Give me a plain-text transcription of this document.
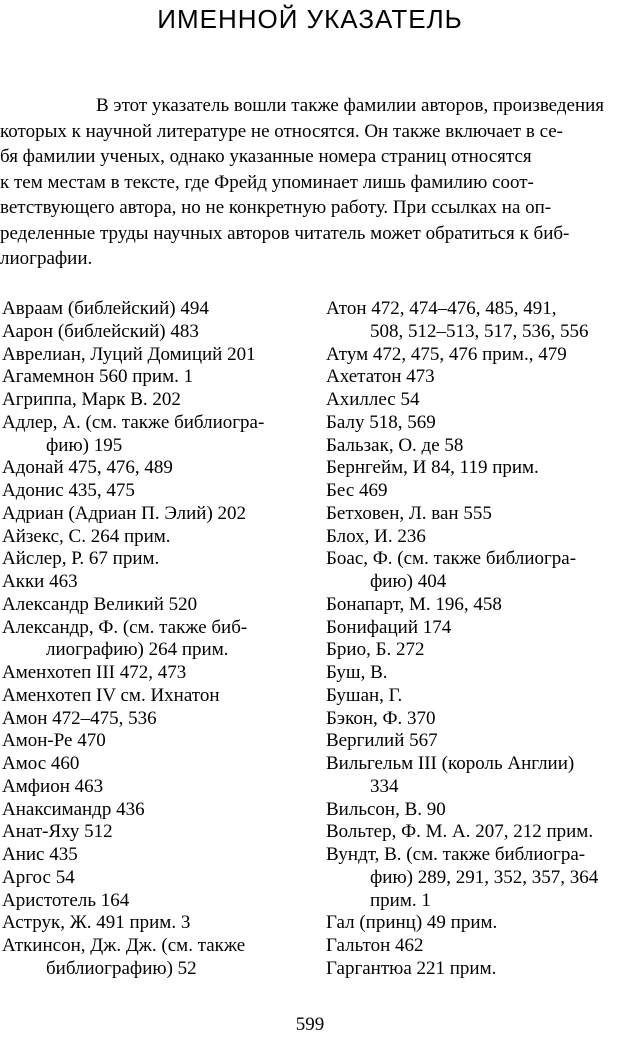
ИМЕННОЙ УКАЗАТЕЛЬ
В этот указатель вошли также фамилии авторов, произведения
которых к научной литературе не относятся. Он также включает в се-
бя фамилии ученых, однако указанные номера страниц относятся
к тем местам в тексте, где Фрейд упоминает лишь фамилию соот-
ветствующего автора, но не конкретную работу. При ссылках на оп-
ределенные труды научных авторов читатель может обратиться к биб-
лиографии.
Авраам (библейский) 494
Аарон (библейский) 483
Аврелиан, Луций Домиций 201
Агамемнон 560 прим. 1
Агриппа, Марк В. 202
Адлер, А. (см. также библиогра-
фию) 195
Адонай 475, 476, 489
Адонис 435, 475
Адриан (Адриан П. Элий) 202
Айзекс, С. 264 прим.
Айслер, Р. 67 прим.
Акки 463
Александр Великий 520
Александр, Ф. (см. также биб-
лиографию) 264 прим.
Аменхотеп III 472, 473
Аменхотеп IV см. Ихнатон
Амон 472–475, 536
Амон-Ре 470
Амос 460
Амфион 463
Анаксимандр 436
Анат-Яху 512
Анис 435
Аргос 54
Аристотель 164
Аструк, Ж. 491 прим. 3
Аткинсон, Дж. Дж. (см. также
библиографию) 52
Атон 472, 474–476, 485, 491,
508, 512–513, 517, 536, 556
Атум 472, 475, 476 прим., 479
Ахетатон 473
Ахиллес 54
Балу 518, 569
Бальзак, О. де 58
Бернгейм, И 84, 119 прим.
Бес 469
Бетховен, Л. ван 555
Блох, И. 236
Боас, Ф. (см. также библиогра-
фию) 404
Бонапарт, М. 196, 458
Бонифаций 174
Брио, Б. 272
Буш, В.
Бушан, Г.
Бэкон, Ф. 370
Вергилий 567
Вильгельм III (король Англии)
334
Вильсон, В. 90
Вольтер, Ф. М. А. 207, 212 прим.
Вундт, В. (см. также библиогра-
фию) 289, 291, 352, 357, 364
прим. 1
Гал (принц) 49 прим.
Гальтон 462
Гаргантюа 221 прим.
599
